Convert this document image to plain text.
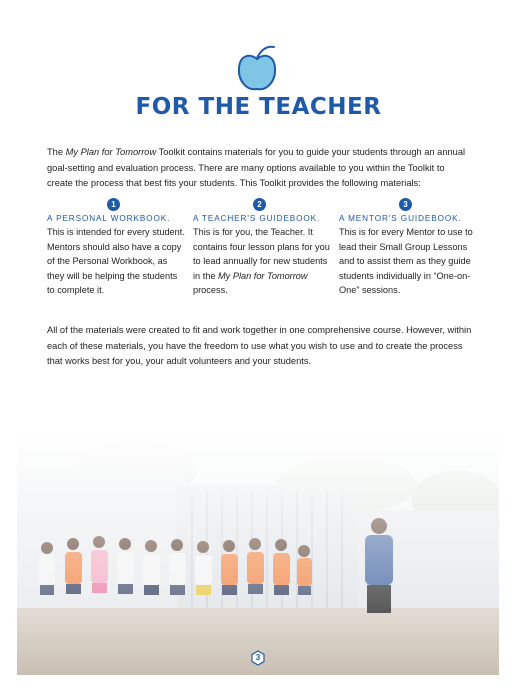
FOR THE TEACHER
The My Plan for Tomorrow Toolkit contains materials for you to guide your students through an annual goal-setting and evaluation process. There are many options available to you within the Toolkit to create the process that best fits your students. This Toolkit provides the following materials:
1
A PERSONAL WORKBOOK.
This is intended for every student. Mentors should also have a copy of the Personal Workbook, as they will be helping the students to complete it.
2
A TEACHER'S GUIDEBOOK.
This is for you, the Teacher. It contains four lesson plans for you to lead annually for new students in the My Plan for Tomorrow process.
3
A MENTOR'S GUIDEBOOK.
This is for every Mentor to use to lead their Small Group Lessons and to assist them as they guide students individually in “One-on-One” sessions.
All of the materials were created to fit and work together in one comprehensive course. However, within each of these materials, you have the freedom to use what you wish to use and to create the process that works best for you, your adult volunteers and your students.
3
